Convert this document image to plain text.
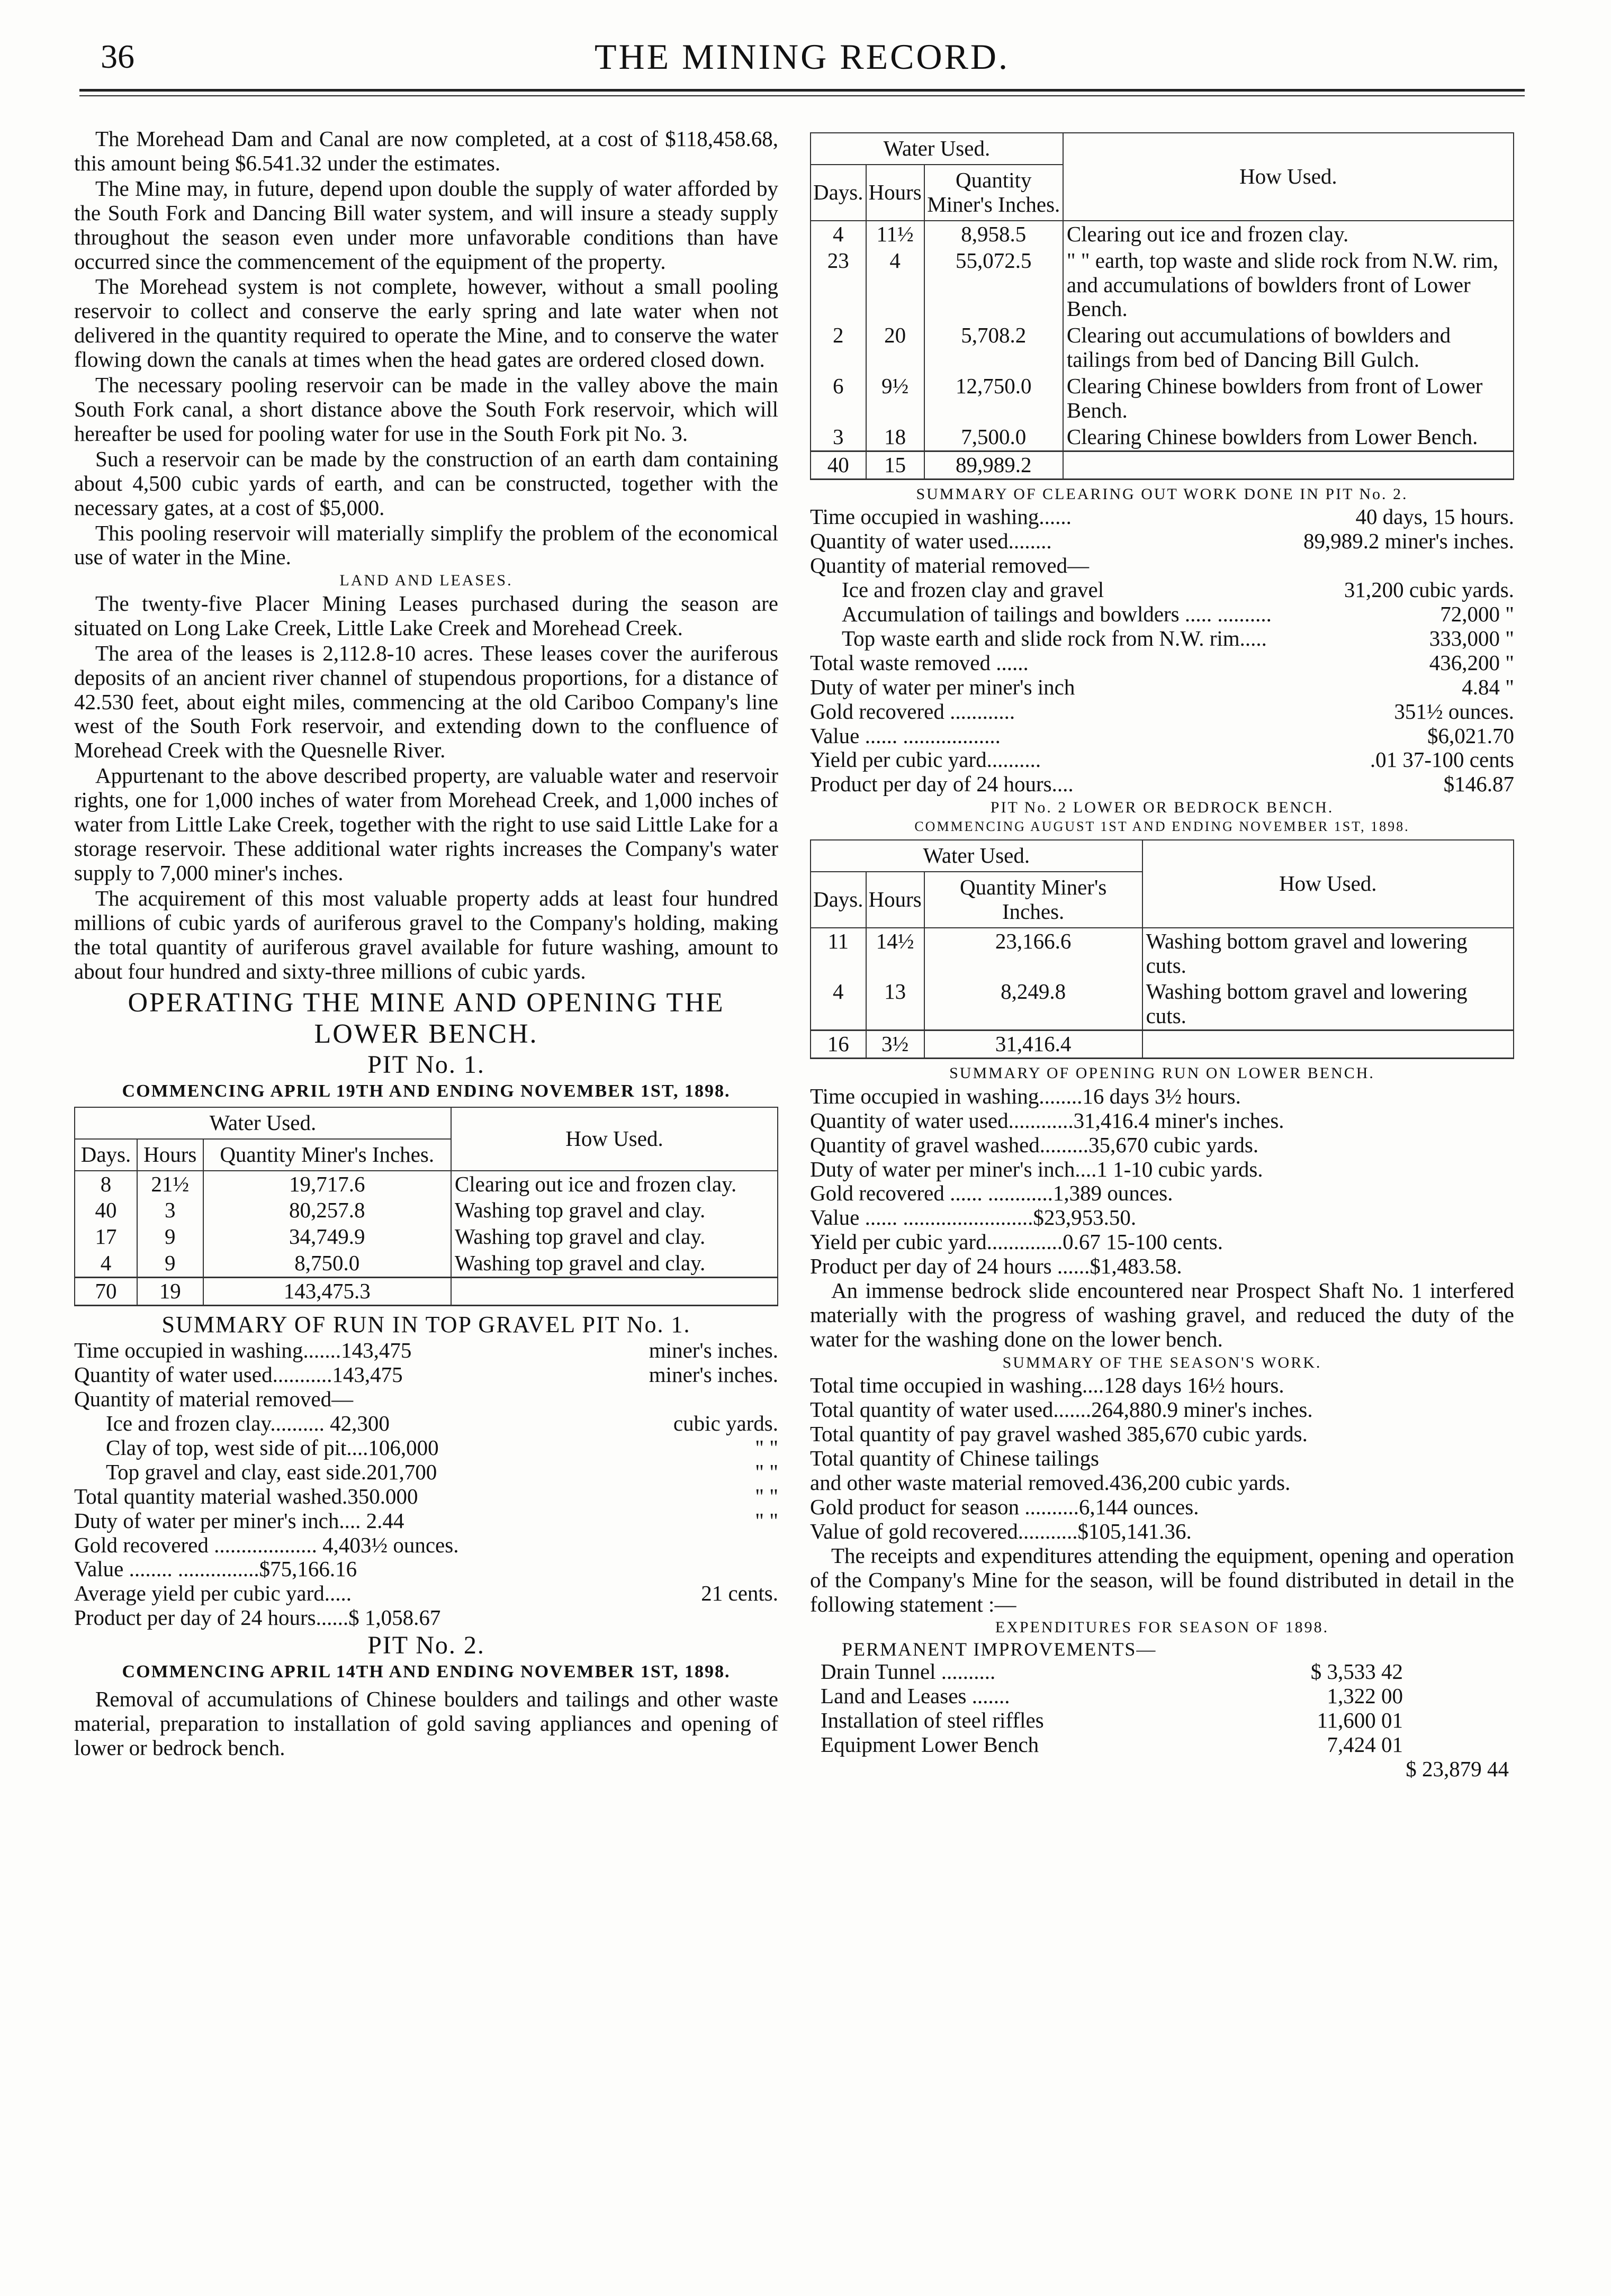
36	THE MINING RECORD.

The Morehead Dam and Canal are now completed, at a cost of $118,458.68, this amount being $6.541.32 under the estimates.

The Mine may, in future, depend upon double the supply of water afforded by the South Fork and Dancing Bill water system, and will insure a steady supply throughout the season even under more unfavorable conditions than have occurred since the commencement of the equipment of the property.

The Morehead system is not complete, however, without a small pooling reservoir to collect and conserve the early spring and late water when not delivered in the quantity required to operate the Mine, and to conserve the water flowing down the canals at times when the head gates are ordered closed down.

The necessary pooling reservoir can be made in the valley above the main South Fork canal, a short distance above the South Fork reservoir, which will hereafter be used for pooling water for use in the South Fork pit No. 3.

Such a reservoir can be made by the construction of an earth dam containing about 4,500 cubic yards of earth, and can be constructed, together with the necessary gates, at a cost of $5,000.

This pooling reservoir will materially simplify the problem of the economical use of water in the Mine.

LAND AND LEASES.

The twenty-five Placer Mining Leases purchased during the season are situated on Long Lake Creek, Little Lake Creek and Morehead Creek.

The area of the leases is 2,112.8-10 acres. These leases cover the auriferous deposits of an ancient river channel of stupendous proportions, for a distance of 42.530 feet, about eight miles, commencing at the old Cariboo Company's line west of the South Fork reservoir, and extending down to the confluence of Morehead Creek with the Quesnelle River.

Appurtenant to the above described property, are valuable water and reservoir rights, one for 1,000 inches of water from Morehead Creek, and 1,000 inches of water from Little Lake Creek, together with the right to use said Little Lake for a storage reservoir. These additional water rights increases the Company's water supply to 7,000 miner's inches.

The acquirement of this most valuable property adds at least four hundred millions of cubic yards of auriferous gravel to the Company's holding, making the total quantity of auriferous gravel available for future washing, amount to about four hundred and sixty-three millions of cubic yards.

OPERATING THE MINE AND OPENING THE LOWER BENCH.
PIT No. 1.
COMMENCING APRIL 19TH AND ENDING NOVEMBER 1ST, 1898.
Water Used.			How Used.
Days.	Hours	Quantity Miner's Inches.	
8	21½	19,717.6	Clearing out ice and frozen clay.
40	3	80,257.8	Washing top gravel and clay.
17	9	34,749.9	Washing top gravel and clay.
4	9	8,750.0	Washing top gravel and clay.
70	19	143,475.3	
SUMMARY OF RUN IN TOP GRAVEL PIT No. 1.
Time occupied in washing.......143,475	miner's inches.
Quantity of water used...........143,475	miner's inches.
Quantity of material removed—
Ice and frozen clay.......... 42,300	cubic yards.
Clay of top, west side of pit....106,000	" "
Top gravel and clay, east side.201,700	" "
Total quantity material washed.350.000	" "
Duty of water per miner's inch.... 2.44	" "
Gold recovered ................... 4,403½ ounces.
Value ........ ...............$75,166.16
Average yield per cubic yard.....	21 cents.
Product per day of 24 hours......$ 1,058.67
PIT No. 2.
COMMENCING APRIL 14TH AND ENDING NOVEMBER 1ST, 1898.

Removal of accumulations of Chinese boulders and tailings and other waste material, preparation to installation of gold saving appliances and opening of lower or bedrock bench.

Water Used.			How Used.
Days.	Hours	Quantity Miner's Inches.	
4	11½	8,958.5	Clearing out ice and frozen clay.
23	4	55,072.5	" " earth, top waste and slide rock from N.W. rim, and accumulations of bowlders front of Lower Bench.
2	20	5,708.2	Clearing out accumulations of bowlders and tailings from bed of Dancing Bill Gulch.
6	9½	12,750.0	Clearing Chinese bowlders from front of Lower Bench.
3	18	7,500.0	Clearing Chinese bowlders from Lower Bench.
40	15	89,989.2	
SUMMARY OF CLEARING OUT WORK DONE IN PIT No. 2.
Time occupied in washing......	40 days, 15 hours.
Quantity of water used........	89,989.2 miner's inches.
Quantity of material removed—
Ice and frozen clay and gravel	31,200 cubic yards.
Accumulation of tailings and bowlders ..... ..........	72,000 "
Top waste earth and slide rock from N.W. rim.....	333,000 "
Total waste removed ......	436,200 "
Duty of water per miner's inch	4.84 "
Gold recovered ............	351½ ounces.
Value ...... ..................	$6,021.70
Yield per cubic yard..........	.01 37-100 cents
Product per day of 24 hours....	$146.87
PIT No. 2 LOWER OR BEDROCK BENCH.
COMMENCING AUGUST 1ST AND ENDING NOVEMBER 1ST, 1898.
Water Used.			How Used.
Days.	Hours	Quantity Miner's Inches.	
11	14½	23,166.6	Washing bottom gravel and lowering cuts.
4	13	8,249.8	Washing bottom gravel and lowering cuts.
16	3½	31,416.4	
SUMMARY OF OPENING RUN ON LOWER BENCH.
Time occupied in washing........16 days 3½ hours.
Quantity of water used............31,416.4 miner's inches.
Quantity of gravel washed.........35,670 cubic yards.
Duty of water per miner's inch....1 1-10 cubic yards.
Gold recovered ...... ............1,389 ounces.
Value ...... ........................$23,953.50.
Yield per cubic yard..............0.67 15-100 cents.
Product per day of 24 hours ......$1,483.58.

An immense bedrock slide encountered near Prospect Shaft No. 1 interfered materially with the progress of washing gravel, and reduced the duty of the water for the washing done on the lower bench.

SUMMARY OF THE SEASON'S WORK.
Total time occupied in washing....128 days 16½ hours.
Total quantity of water used.......264,880.9 miner's inches.
Total quantity of pay gravel washed 385,670 cubic yards.
Total quantity of Chinese tailings
and other waste material removed.436,200 cubic yards.
Gold product for season ..........6,144 ounces.
Value of gold recovered...........$105,141.36.

The receipts and expenditures attending the equipment, opening and operation of the Company's Mine for the season, will be found distributed in detail in the following statement :—

EXPENDITURES FOR SEASON OF 1898.
PERMANENT IMPROVEMENTS—
Drain Tunnel ..........	$ 3,533 42
Land and Leases .......	1,322 00
Installation of steel riffles	11,600 01
Equipment Lower Bench	7,424 01
$ 23,879 44
